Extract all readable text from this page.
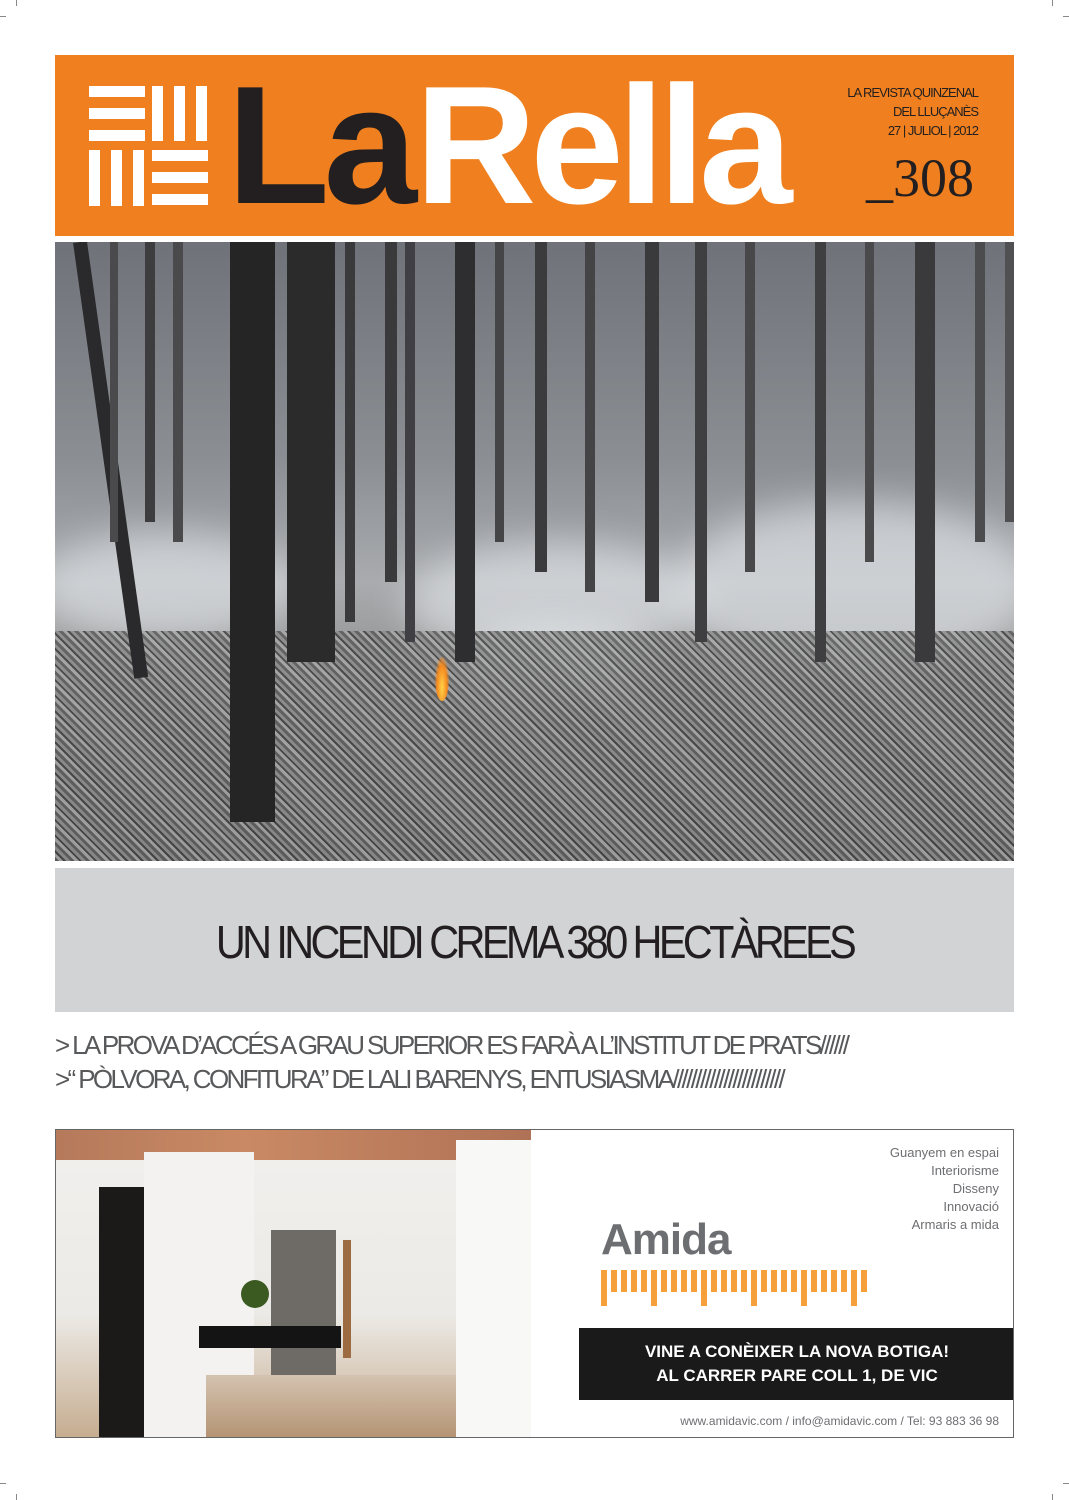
La Rella	LA REVISTA QUINZENAL
DEL LLUÇANÈS
27 | JULIOL | 2012
_308
UN INCENDI CREMA 380 HECTÀREES
> LA PROVA D’ACCÉS A GRAU SUPERIOR ES FARÀ A L’INSTITUT DE PRATS//////
>“ PÒLVORA, CONFITURA” DE LALI BARENYS, ENTUSIASMA////////////////////////
Guanyem en espai
Interiorisme
Disseny
Innovació
Armaris a mida
Amida
VINE A CONÈIXER LA NOVA BOTIGA!
AL CARRER PARE COLL 1, DE VIC
www.amidavic.com / info@amidavic.com / Tel: 93 883 36 98
